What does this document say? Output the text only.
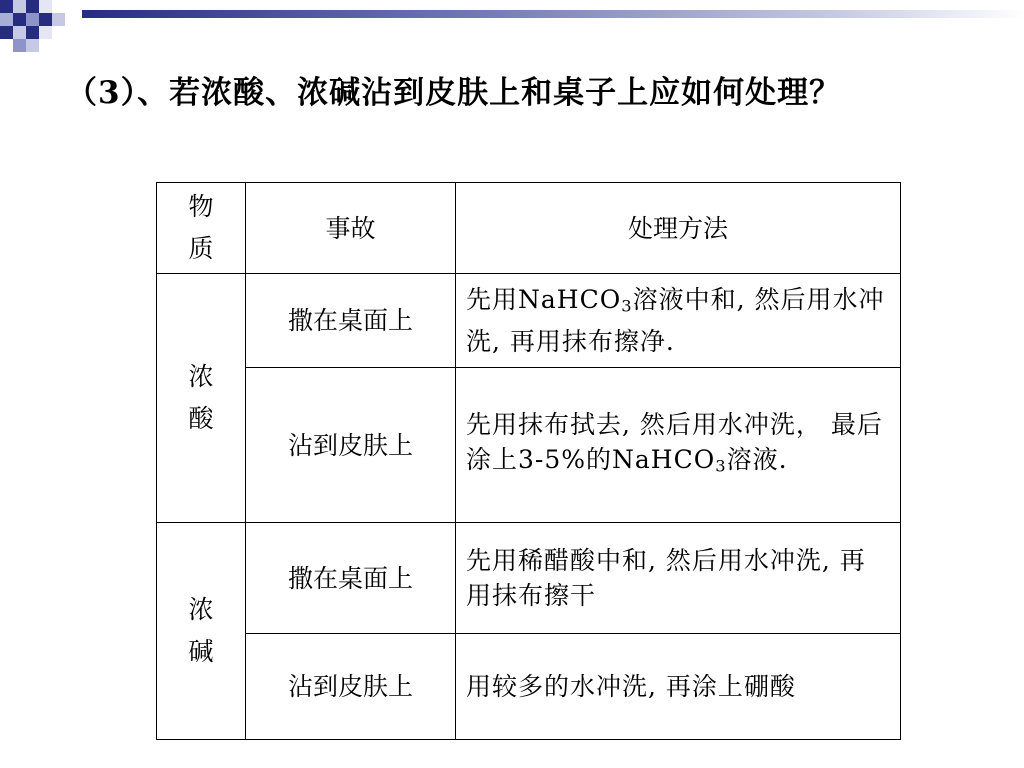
（3）、若浓酸、浓碱沾到皮肤上和桌子上应如何处理？
物质	事故	处理方法
浓酸	撒在桌面上	先用NaHCO$_3$溶液中和, 然后用水冲洗, 再用抹布擦净.
	沾到皮肤上	先用抹布拭去, 然后用水冲洗， 最后涂上3-5%的NaHCO$_3$溶液.
浓碱	撒在桌面上	先用稀醋酸中和, 然后用水冲洗, 再用抹布擦干
	沾到皮肤上	用较多的水冲洗, 再涂上硼酸
